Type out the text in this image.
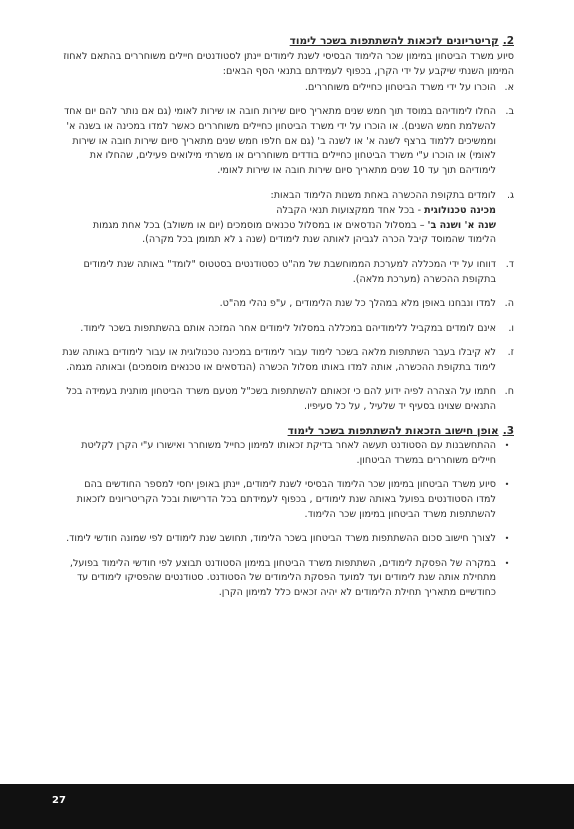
2.
קריטריונים לזכאות להשתתפות בשכר לימוד

סיוע משרד הביטחון במימון שכר הלימוד הבסיסי לשנת לימודים יינתן לסטודנטים חיילים משוחררים בהתאם לאחוז המימון השנתי שיקבע על ידי הקרן, בכפוף לעמידתם בתנאי הסף הבאים:

א.
הוכרו על ידי משרד הביטחון כחיילים משוחררים.
ב.
החלו לימודיהם במוסד תוך חמש שנים מתאריך סיום שירות חובה או שירות לאומי (גם אם נותר להם יום אחד להשלמת חמש השנים). או הוכרו על ידי משרד הביטחון כחיילים משוחררים כאשר למדו במכינה או בשנה א' וממשיכים ללמוד ברצף לשנה א' או לשנה ב' (גם אם חלפו חמש שנים מתאריך סיום שירות חובה או שירות לאומי) או הוכרו ע"י משרד הביטחון כחיילים בודדים משוחררים או משרתי מילואים פעילים, שהחלו את לימודיהם תוך עד 10 שנים מתאריך סיום שירות חובה או שירות לאומי.
ג.
לומדים בתקופת ההכשרה באחת משנות הלימוד הבאות:
מכינה טכנולוגית - בכל אחד ממקצועות תנאי הקבלה
שנה א' ושנה ב' – במסלול הנדסאים או במסלול טכנאים מוסמכים (יום או משולב) בכל אחת מגמות הלימוד שהמוסד קיבל הכרה לגביהן לאותה שנת לימודים (שנה ג לא תמומן בכל מקרה).
ד.
דווחו על ידי המכללה למערכת הממוחשבת של מה"ט כסטודנטים בסטטוס "לומד" באותה שנת לימודים בתקופת ההכשרה (מערכת מלאה).
ה.
למדו ונבחנו באופן מלא במהלך כל שנת הלימודים , ע"פ נהלי מה"ט.
ו.
אינם לומדים במקביל ללימודיהם במכללה במסלול לימודים אחר המזכה אותם בהשתתפות בשכר לימוד.
ז.
לא קיבלו בעבר השתתפות מלאה בשכר לימוד עבור לימודים במכינה טכנולוגית או עבור לימודים באותה שנת לימוד בתקופת ההכשרה, אותה למדו באותו מסלול הכשרה (הנדסאים או טכנאים מוסמכים) ובאותה מגמה.
ח.
חתמו על הצהרה לפיה ידוע להם כי זכאותם להשתתפות בשכ"ל מטעם משרד הביטחון מותנית בעמידה בכל התנאים שצוינו בסעיף יד שלעיל , על כל סעיפיו.
3.
אופן חישוב הזכאות להשתתפות בשכר לימוד
•
ההתחשבנות עם הסטודנט תעשה לאחר בדיקת זכאותו למימון כחייל משוחרר ואישורו ע"י הקרן לקליטת חיילים משוחררים במשרד הביטחון.
•
סיוע משרד הביטחון במימון שכר הלימוד הבסיסי לשנת לימודים, יינתן באופן יחסי למספר החודשים בהם למדו הסטודנטים בפועל באותה שנת לימודים , בכפוף לעמידתם בכל הדרישות ובכל הקריטריונים לזכאות להשתתפות משרד הביטחון במימון שכר הלימוד.
•
לצורך חישוב סכום ההשתתפות משרד הביטחון בשכר הלימוד, תחושב שנת לימודים לפי שמונה חודשי לימוד.
•
במקרה של הפסקת לימודים, השתתפות משרד הביטחון במימון הסטודנט תבוצע לפי חודשי הלימוד בפועל, מתחילת אותה שנת לימודים ועד למועד הפסקת הלימודים של הסטודנט. סטודנטים שהפסיקו לימודים עד כחודשיים מתאריך תחילת הלימודים לא יהיה זכאים כלל למימון הקרן.
27
